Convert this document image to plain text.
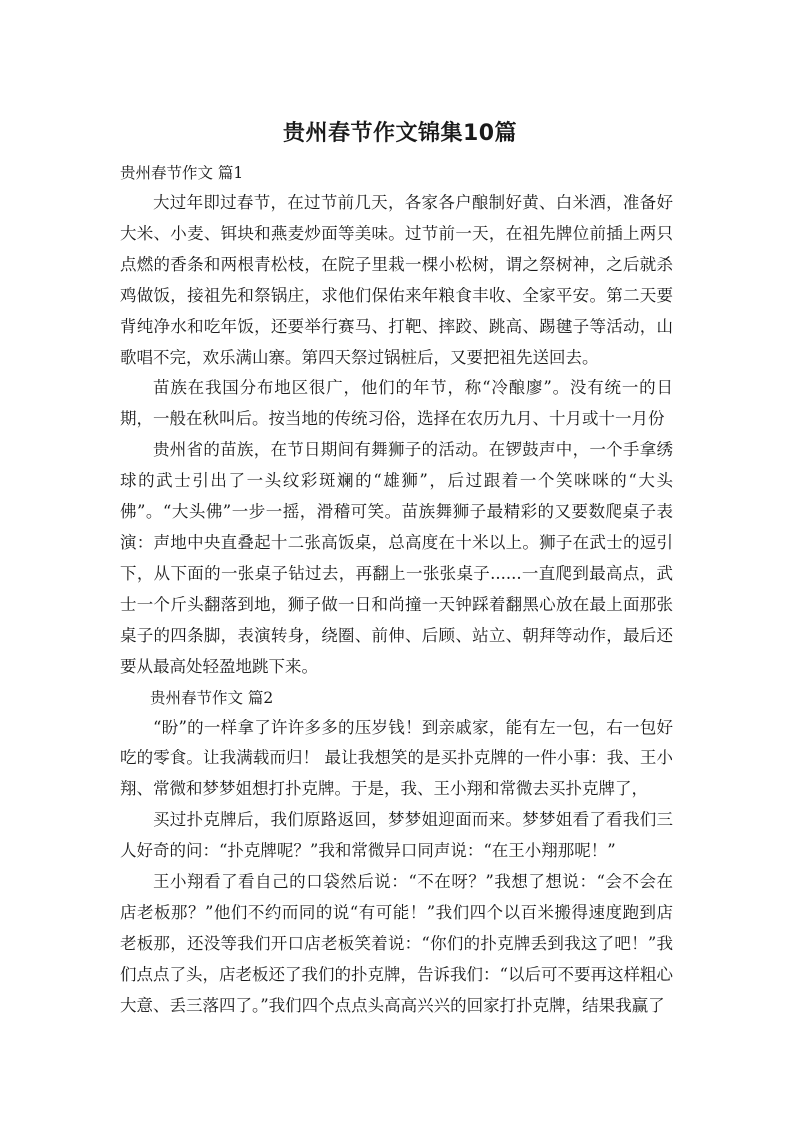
贵州春节作文锦集10篇

贵州春节作文 篇1

大过年即过春节，在过节前几天，各家各户酿制好黄、白米酒，准备好大米、小麦、铒块和燕麦炒面等美味。过节前一天，在祖先牌位前插上两只点燃的香条和两根青松枝，在院子里栽一棵小松树，谓之祭树神，之后就杀鸡做饭，接祖先和祭锅庄，求他们保佑来年粮食丰收、全家平安。第二天要背纯净水和吃年饭，还要举行赛马、打靶、摔跤、跳高、踢毽子等活动，山歌唱不完，欢乐满山寨。第四天祭过锅桩后，又要把祖先送回去。

苗族在我国分布地区很广，他们的年节，称“冷酿廖”。没有统一的日期，一般在秋叫后。按当地的传统习俗，选择在农历九月、十月或十一月份

贵州省的苗族，在节日期间有舞狮子的活动。在锣鼓声中，一个手拿绣球的武士引出了一头纹彩斑斓的“雄狮”，后过跟着一个笑咪咪的“大头佛”。“大头佛”一步一摇，滑稽可笑。苗族舞狮子最精彩的又要数爬桌子表演：声地中央直叠起十二张高饭桌，总高度在十米以上。狮子在武士的逗引下，从下面的一张桌子钻过去，再翻上一张张桌子......一直爬到最高点，武士一个斤头翻落到地，狮子做一日和尚撞一天钟踩着翻黑心放在最上面那张桌子的四条脚，表演转身，绕圈、前伸、后顾、站立、朝拜等动作，最后还要从最高处轻盈地跳下来。

贵州春节作文 篇2

“盼”的一样拿了许许多多的压岁钱！到亲戚家，能有左一包，右一包好吃的零食。让我满载而归！ 最让我想笑的是买扑克牌的一件小事：我、王小翔、常微和梦梦姐想打扑克牌。于是，我、王小翔和常微去买扑克牌了，

买过扑克牌后，我们原路返回，梦梦姐迎面而来。梦梦姐看了看我们三人好奇的问：“扑克牌呢？”我和常微异口同声说：“在王小翔那呢！”

王小翔看了看自己的口袋然后说：“不在呀？”我想了想说：“会不会在店老板那？”他们不约而同的说“有可能！”我们四个以百米搬得速度跑到店老板那，还没等我们开口店老板笑着说：“你们的扑克牌丢到我这了吧！”我们点点了头，店老板还了我们的扑克牌，告诉我们：“以后可不要再这样粗心大意、丢三落四了。”我们四个点点头高高兴兴的回家打扑克牌，结果我赢了
